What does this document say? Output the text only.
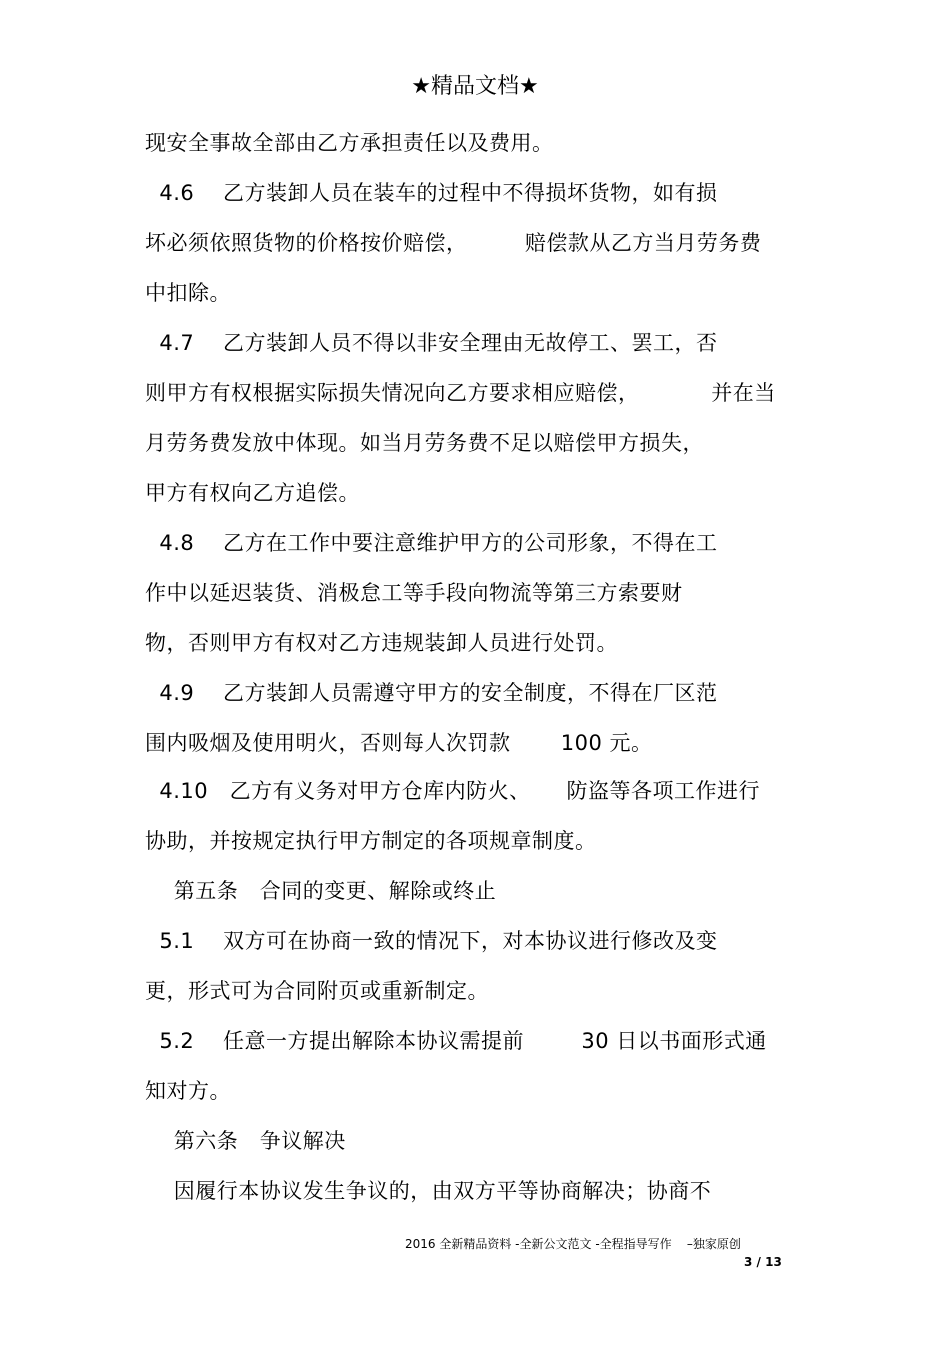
★精品文档★
现安全事故全部由乙方承担责任以及费用。
4.6    乙方装卸人员在装车的过程中不得损坏货物，如有损
坏必须依照货物的价格按价赔偿，        赔偿款从乙方当月劳务费
中扣除。
4.7    乙方装卸人员不得以非安全理由无故停工、罢工，否
则甲方有权根据实际损失情况向乙方要求相应赔偿，          并在当
月劳务费发放中体现。如当月劳务费不足以赔偿甲方损失，
甲方有权向乙方追偿。
4.8    乙方在工作中要注意维护甲方的公司形象，不得在工
作中以延迟装货、消极怠工等手段向物流等第三方索要财
物，否则甲方有权对乙方违规装卸人员进行处罚。
4.9    乙方装卸人员需遵守甲方的安全制度，不得在厂区范
围内吸烟及使用明火，否则每人次罚款       100 元。
4.10   乙方有义务对甲方仓库内防火、     防盗等各项工作进行
协助，并按规定执行甲方制定的各项规章制度。
第五条   合同的变更、解除或终止
5.1    双方可在协商一致的情况下，对本协议进行修改及变
更，形式可为合同附页或重新制定。
5.2    任意一方提出解除本协议需提前        30 日以书面形式通
知对方。
第六条   争议解决
因履行本协议发生争议的，由双方平等协商解决；协商不
2016 全新精品资料 -全新公文范文 -全程指导写作    –独家原创
3 / 13
